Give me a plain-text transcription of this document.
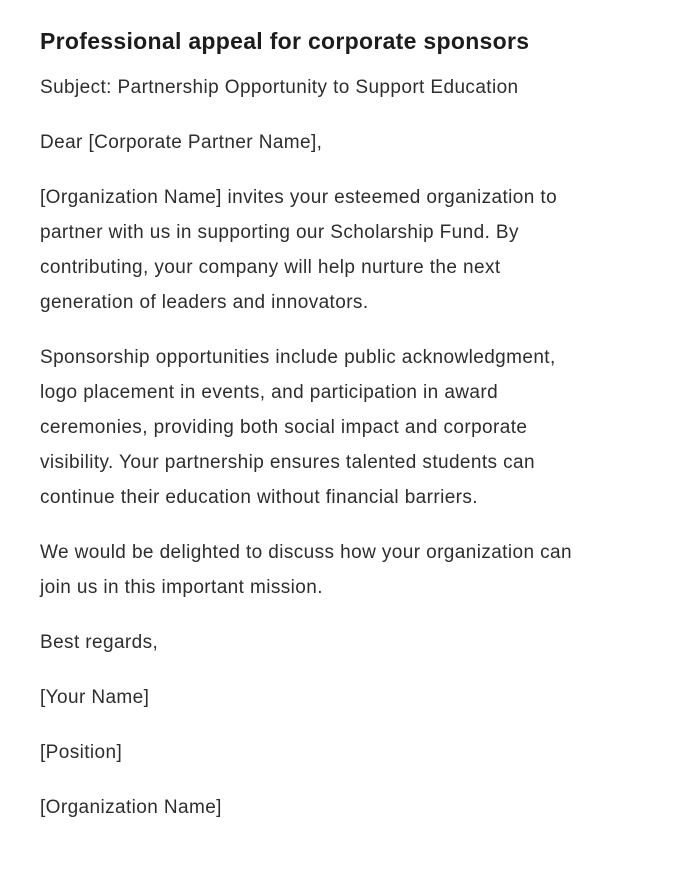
Professional appeal for corporate sponsors

Subject: Partnership Opportunity to Support Education

Dear [Corporate Partner Name],

[Organization Name] invites your esteemed organization to partner with us in supporting our Scholarship Fund. By contributing, your company will help nurture the next generation of leaders and innovators.

Sponsorship opportunities include public acknowledgment, logo placement in events, and participation in award ceremonies, providing both social impact and corporate visibility. Your partnership ensures talented students can continue their education without financial barriers.

We would be delighted to discuss how your organization can join us in this important mission.

Best regards,

[Your Name]

[Position]

[Organization Name]
